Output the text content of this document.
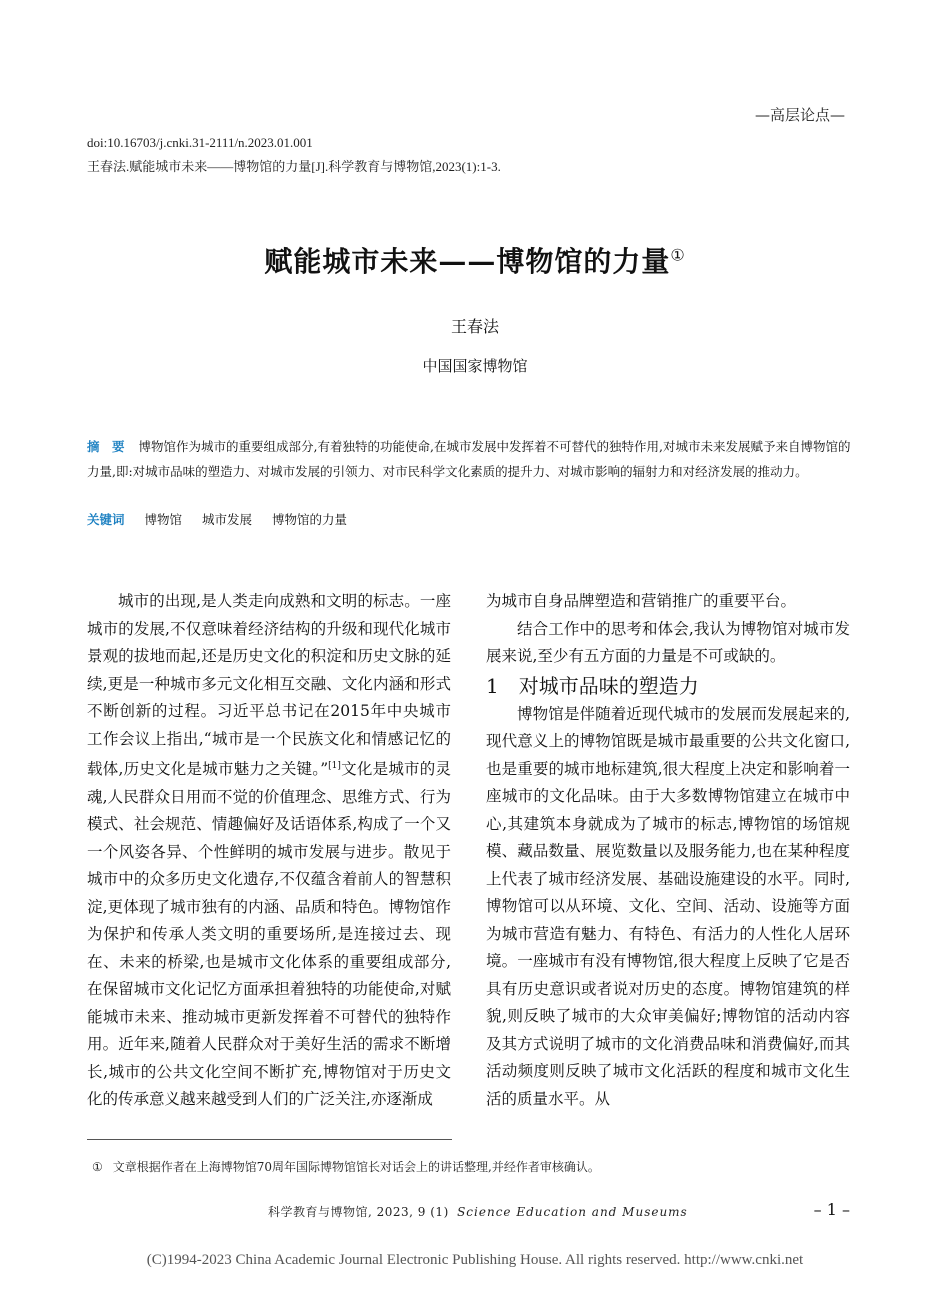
—高层论点—
doi:10.16703/j.cnki.31-2111/n.2023.01.001
王春法.赋能城市未来——博物馆的力量[J].科学教育与博物馆,2023(1):1-3.
赋能城市未来——博物馆的力量①
王春法
中国国家博物馆
摘　要 博物馆作为城市的重要组成部分,有着独特的功能使命,在城市发展中发挥着不可替代的独特作用,对城市未来发展赋予来自博物馆的力量,即:对城市品味的塑造力、对城市发展的引领力、对市民科学文化素质的提升力、对城市影响的辐射力和对经济发展的推动力。
关键词 博物馆 城市发展 博物馆的力量

城市的出现,是人类走向成熟和文明的标志。一座城市的发展,不仅意味着经济结构的升级和现代化城市景观的拔地而起,还是历史文化的积淀和历史文脉的延续,更是一种城市多元文化相互交融、文化内涵和形式不断创新的过程。习近平总书记在2015年中央城市工作会议上指出,“城市是一个民族文化和情感记忆的载体,历史文化是城市魅力之关键。”[1]文化是城市的灵魂,人民群众日用而不觉的价值理念、思维方式、行为模式、社会规范、情趣偏好及话语体系,构成了一个又一个风姿各异、个性鲜明的城市发展与进步。散见于城市中的众多历史文化遗存,不仅蕴含着前人的智慧积淀,更体现了城市独有的内涵、品质和特色。博物馆作为保护和传承人类文明的重要场所,是连接过去、现在、未来的桥梁,也是城市文化体系的重要组成部分,在保留城市文化记忆方面承担着独特的功能使命,对赋能城市未来、推动城市更新发挥着不可替代的独特作用。近年来,随着人民群众对于美好生活的需求不断增长,城市的公共文化空间不断扩充,博物馆对于历史文化的传承意义越来越受到人们的广泛关注,亦逐渐成

为城市自身品牌塑造和营销推广的重要平台。

结合工作中的思考和体会,我认为博物馆对城市发展来说,至少有五方面的力量是不可或缺的。

1 对城市品味的塑造力

博物馆是伴随着近现代城市的发展而发展起来的,现代意义上的博物馆既是城市最重要的公共文化窗口,也是重要的城市地标建筑,很大程度上决定和影响着一座城市的文化品味。由于大多数博物馆建立在城市中心,其建筑本身就成为了城市的标志,博物馆的场馆规模、藏品数量、展览数量以及服务能力,也在某种程度上代表了城市经济发展、基础设施建设的水平。同时,博物馆可以从环境、文化、空间、活动、设施等方面为城市营造有魅力、有特色、有活力的人性化人居环境。一座城市有没有博物馆,很大程度上反映了它是否具有历史意识或者说对历史的态度。博物馆建筑的样貌,则反映了城市的大众审美偏好;博物馆的活动内容及其方式说明了城市的文化消费品味和消费偏好,而其活动频度则反映了城市文化活跃的程度和城市文化生活的质量水平。从

① 文章根据作者在上海博物馆70周年国际博物馆馆长对话会上的讲话整理,并经作者审核确认。
科学教育与博物馆, 2023, 9 (1) Science Education and Museums	– 1 –
(C)1994-2023 China Academic Journal Electronic Publishing House. All rights reserved. http://www.cnki.net
